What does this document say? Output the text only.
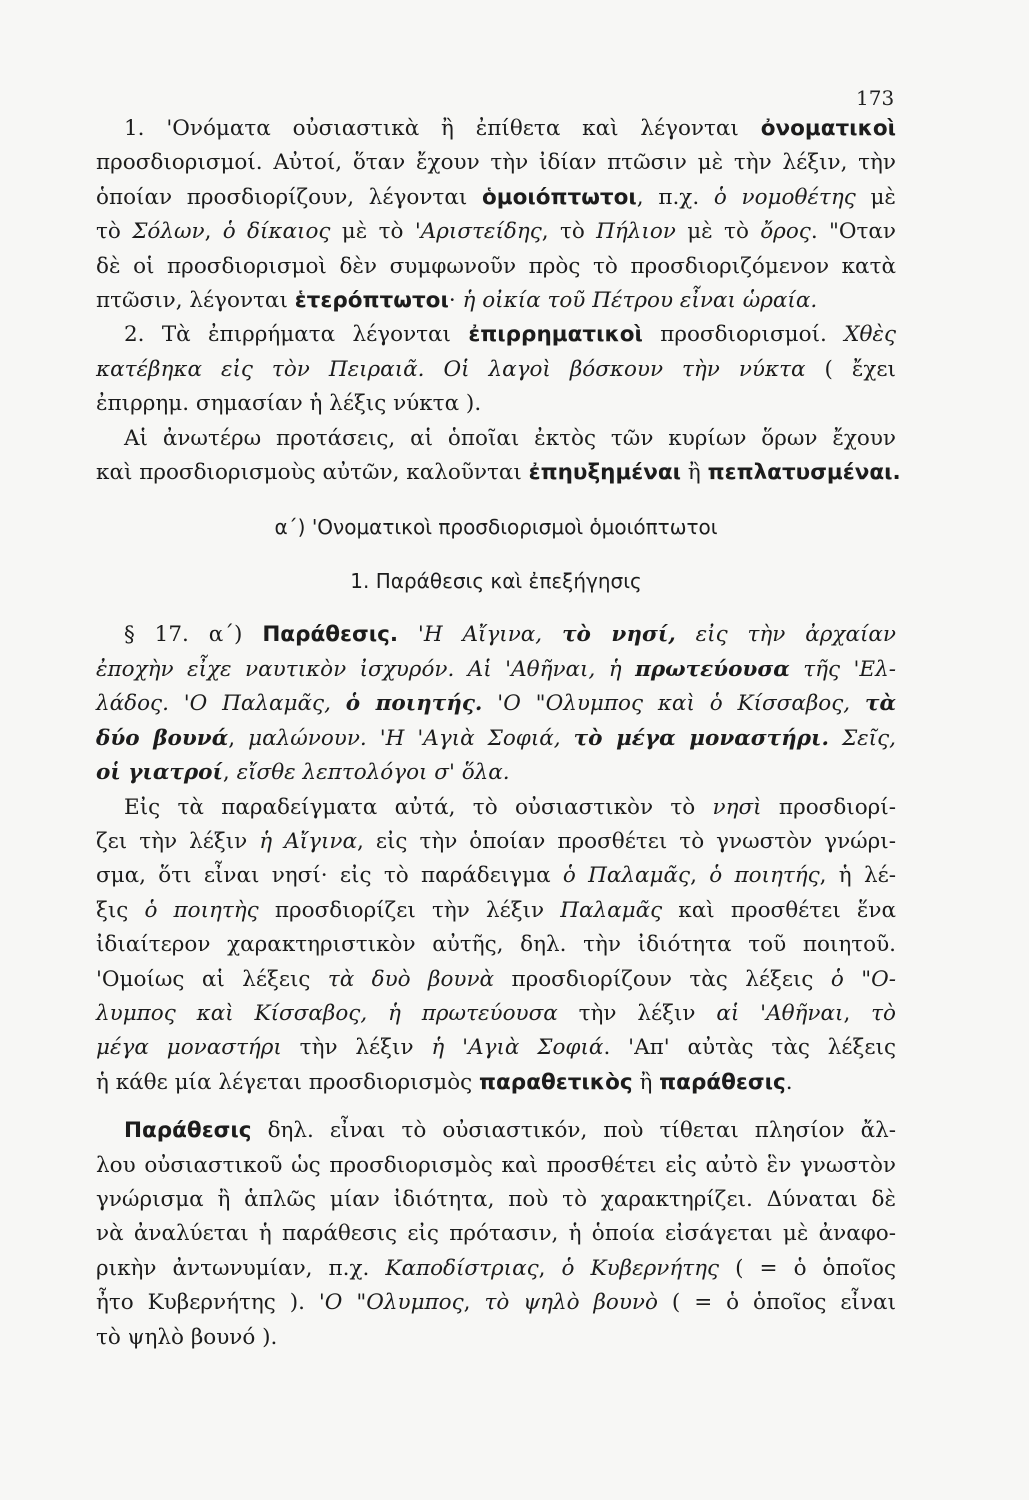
173
1. 'Ονόματα οὐσιαστικὰ ἢ ἐπίθετα καὶ λέγονται ὀνοματικοὶ
προσδιορισμοί. Αὐτοί, ὅταν ἔχουν τὴν ἰδίαν πτῶσιν μὲ τὴν λέξιν, τὴν
ὁποίαν προσδιορίζουν, λέγονται ὁμοιόπτωτοι, π.χ. ὁ νομοθέτης μὲ
τὸ Σόλων, ὁ δίκαιος μὲ τὸ 'Αριστείδης, τὸ Πήλιον μὲ τὸ ὄρος. "Οταν
δὲ οἱ προσδιορισμοὶ δὲν συμφωνοῦν πρὸς τὸ προσδιοριζόμενον κατὰ
πτῶσιν, λέγονται ἑτερόπτωτοι· ἡ οἰκία τοῦ Πέτρου εἶναι ὡραία.
2. Τὰ ἐπιρρήματα λέγονται ἐπιρρηματικοὶ προσδιορισμοί. Χθὲς
κατέβηκα εἰς τὸν Πειραιᾶ. Οἱ λαγοὶ βόσκουν τὴν νύκτα ( ἔχει
ἐπιρρημ. σημασίαν ἡ λέξις νύκτα ).
Αἱ ἀνωτέρω προτάσεις, αἱ ὁποῖαι ἐκτὸς τῶν κυρίων ὅρων ἔχουν
καὶ προσδιορισμοὺς αὐτῶν, καλοῦνται ἐπηυξημέναι ἢ πεπλατυσμέναι.
α΄) 'Ονοματικοὶ προσδιορισμοὶ ὁμοιόπτωτοι
1. Παράθεσις καὶ ἐπεξήγησις
§ 17. α΄) Παράθεσις. 'Η Αἴγινα, τὸ νησί, εἰς τὴν ἀρχαίαν
ἐποχὴν εἶχε ναυτικὸν ἰσχυρόν. Αἱ 'Αθῆναι, ἡ πρωτεύουσα τῆς 'Ελ-
λάδος. 'Ο Παλαμᾶς, ὁ ποιητής. 'Ο "Ολυμπος καὶ ὁ Κίσσαβος, τὰ
δύο βουνά, μαλώνουν. 'Η 'Αγιὰ Σοφιά, τὸ μέγα μοναστήρι. Σεῖς,
οἱ γιατροί, εἴσθε λεπτολόγοι σ' ὅλα.
Εἰς τὰ παραδείγματα αὐτά, τὸ οὐσιαστικὸν τὸ νησὶ προσδιορί-
ζει τὴν λέξιν ἡ Αἴγινα, εἰς τὴν ὁποίαν προσθέτει τὸ γνωστὸν γνώρι-
σμα, ὅτι εἶναι νησί· εἰς τὸ παράδειγμα ὁ Παλαμᾶς, ὁ ποιητής, ἡ λέ-
ξις ὁ ποιητὴς προσδιορίζει τὴν λέξιν Παλαμᾶς καὶ προσθέτει ἕνα
ἰδιαίτερον χαρακτηριστικὸν αὐτῆς, δηλ. τὴν ἰδιότητα τοῦ ποιητοῦ.
'Ομοίως αἱ λέξεις τὰ δυὸ βουνὰ προσδιορίζουν τὰς λέξεις ὁ "Ο-
λυμπος καὶ Κίσσαβος, ἡ πρωτεύουσα τὴν λέξιν αἱ 'Αθῆναι, τὸ
μέγα μοναστήρι τὴν λέξιν ἡ 'Αγιὰ Σοφιά. 'Απ' αὐτὰς τὰς λέξεις
ἡ κάθε μία λέγεται προσδιορισμὸς παραθετικὸς ἢ παράθεσις.
Παράθεσις δηλ. εἶναι τὸ οὐσιαστικόν, ποὺ τίθεται πλησίον ἄλ-
λου οὐσιαστικοῦ ὡς προσδιορισμὸς καὶ προσθέτει εἰς αὐτὸ ἓν γνωστὸν
γνώρισμα ἢ ἁπλῶς μίαν ἰδιότητα, ποὺ τὸ χαρακτηρίζει. Δύναται δὲ
νὰ ἀναλύεται ἡ παράθεσις εἰς πρότασιν, ἡ ὁποία εἰσάγεται μὲ ἀναφο-
ρικὴν ἀντωνυμίαν, π.χ. Καποδίστριας, ὁ Κυβερνήτης ( = ὁ ὁποῖος
ἦτο Κυβερνήτης ). 'Ο "Ολυμπος, τὸ ψηλὸ βουνὸ ( = ὁ ὁποῖος εἶναι
τὸ ψηλὸ βουνό ).
